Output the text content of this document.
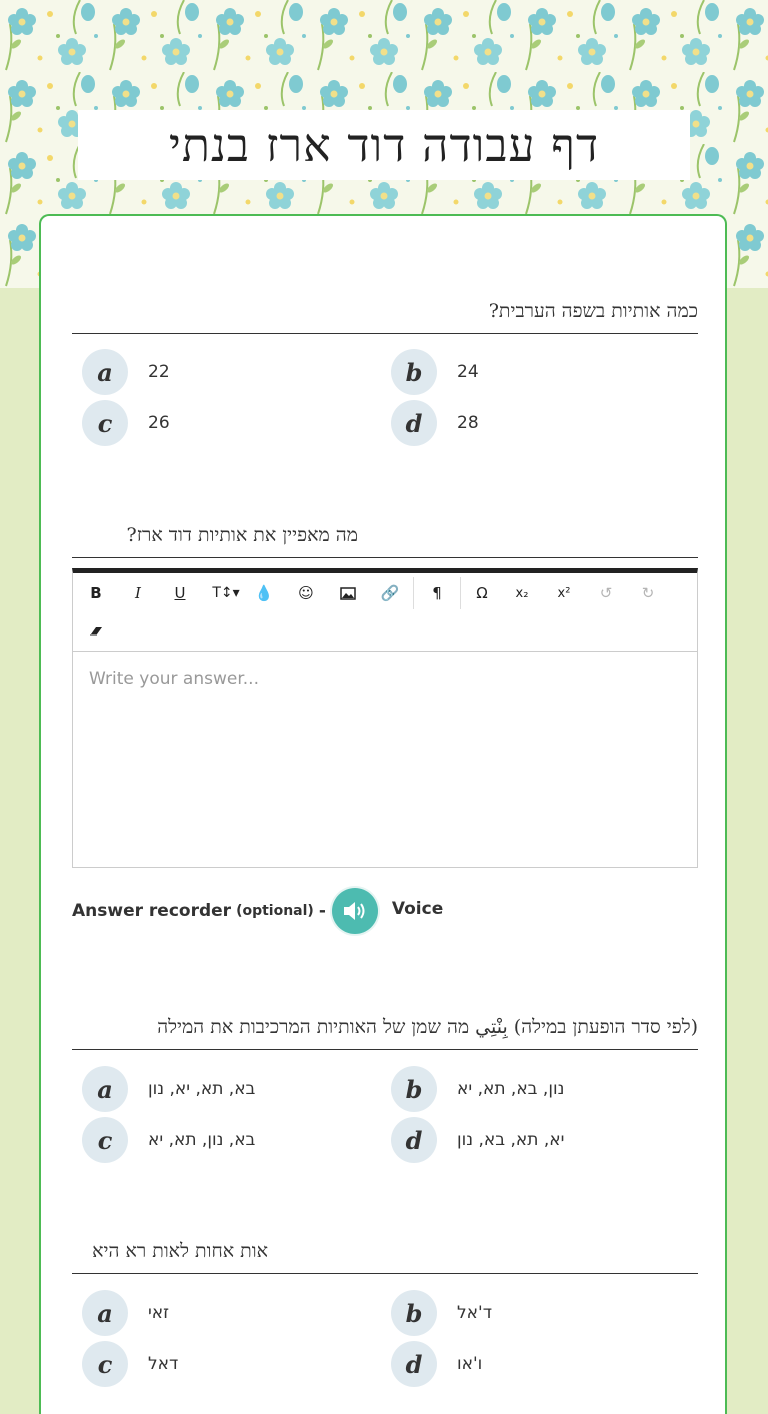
דף עבודה דוד ארז בנתי
כמה אותיות בשפה הערבית?
a	22	b	24
c	26	d	28
מה מאפיין את אותיות דוד ארז?
B	I	U	T↕▾	💧	☺	🔗	¶	Ω	x₂	x²	↺	↻
Write your answer...
Answer recorder (optional) -	Voice
(לפי סדר הופעתן במילה) بِنْتِي מה שמן של האותיות המרכיבות את המילה
a	בא, תא, יא, נון	b	נון, בא, תא, יא
c	בא, נון, תא, יא	d	יא, תא, בא, נון
אות אחות לאות רא היא
a	זאי	b	ד'אל
c	דאל	d	ו'או
